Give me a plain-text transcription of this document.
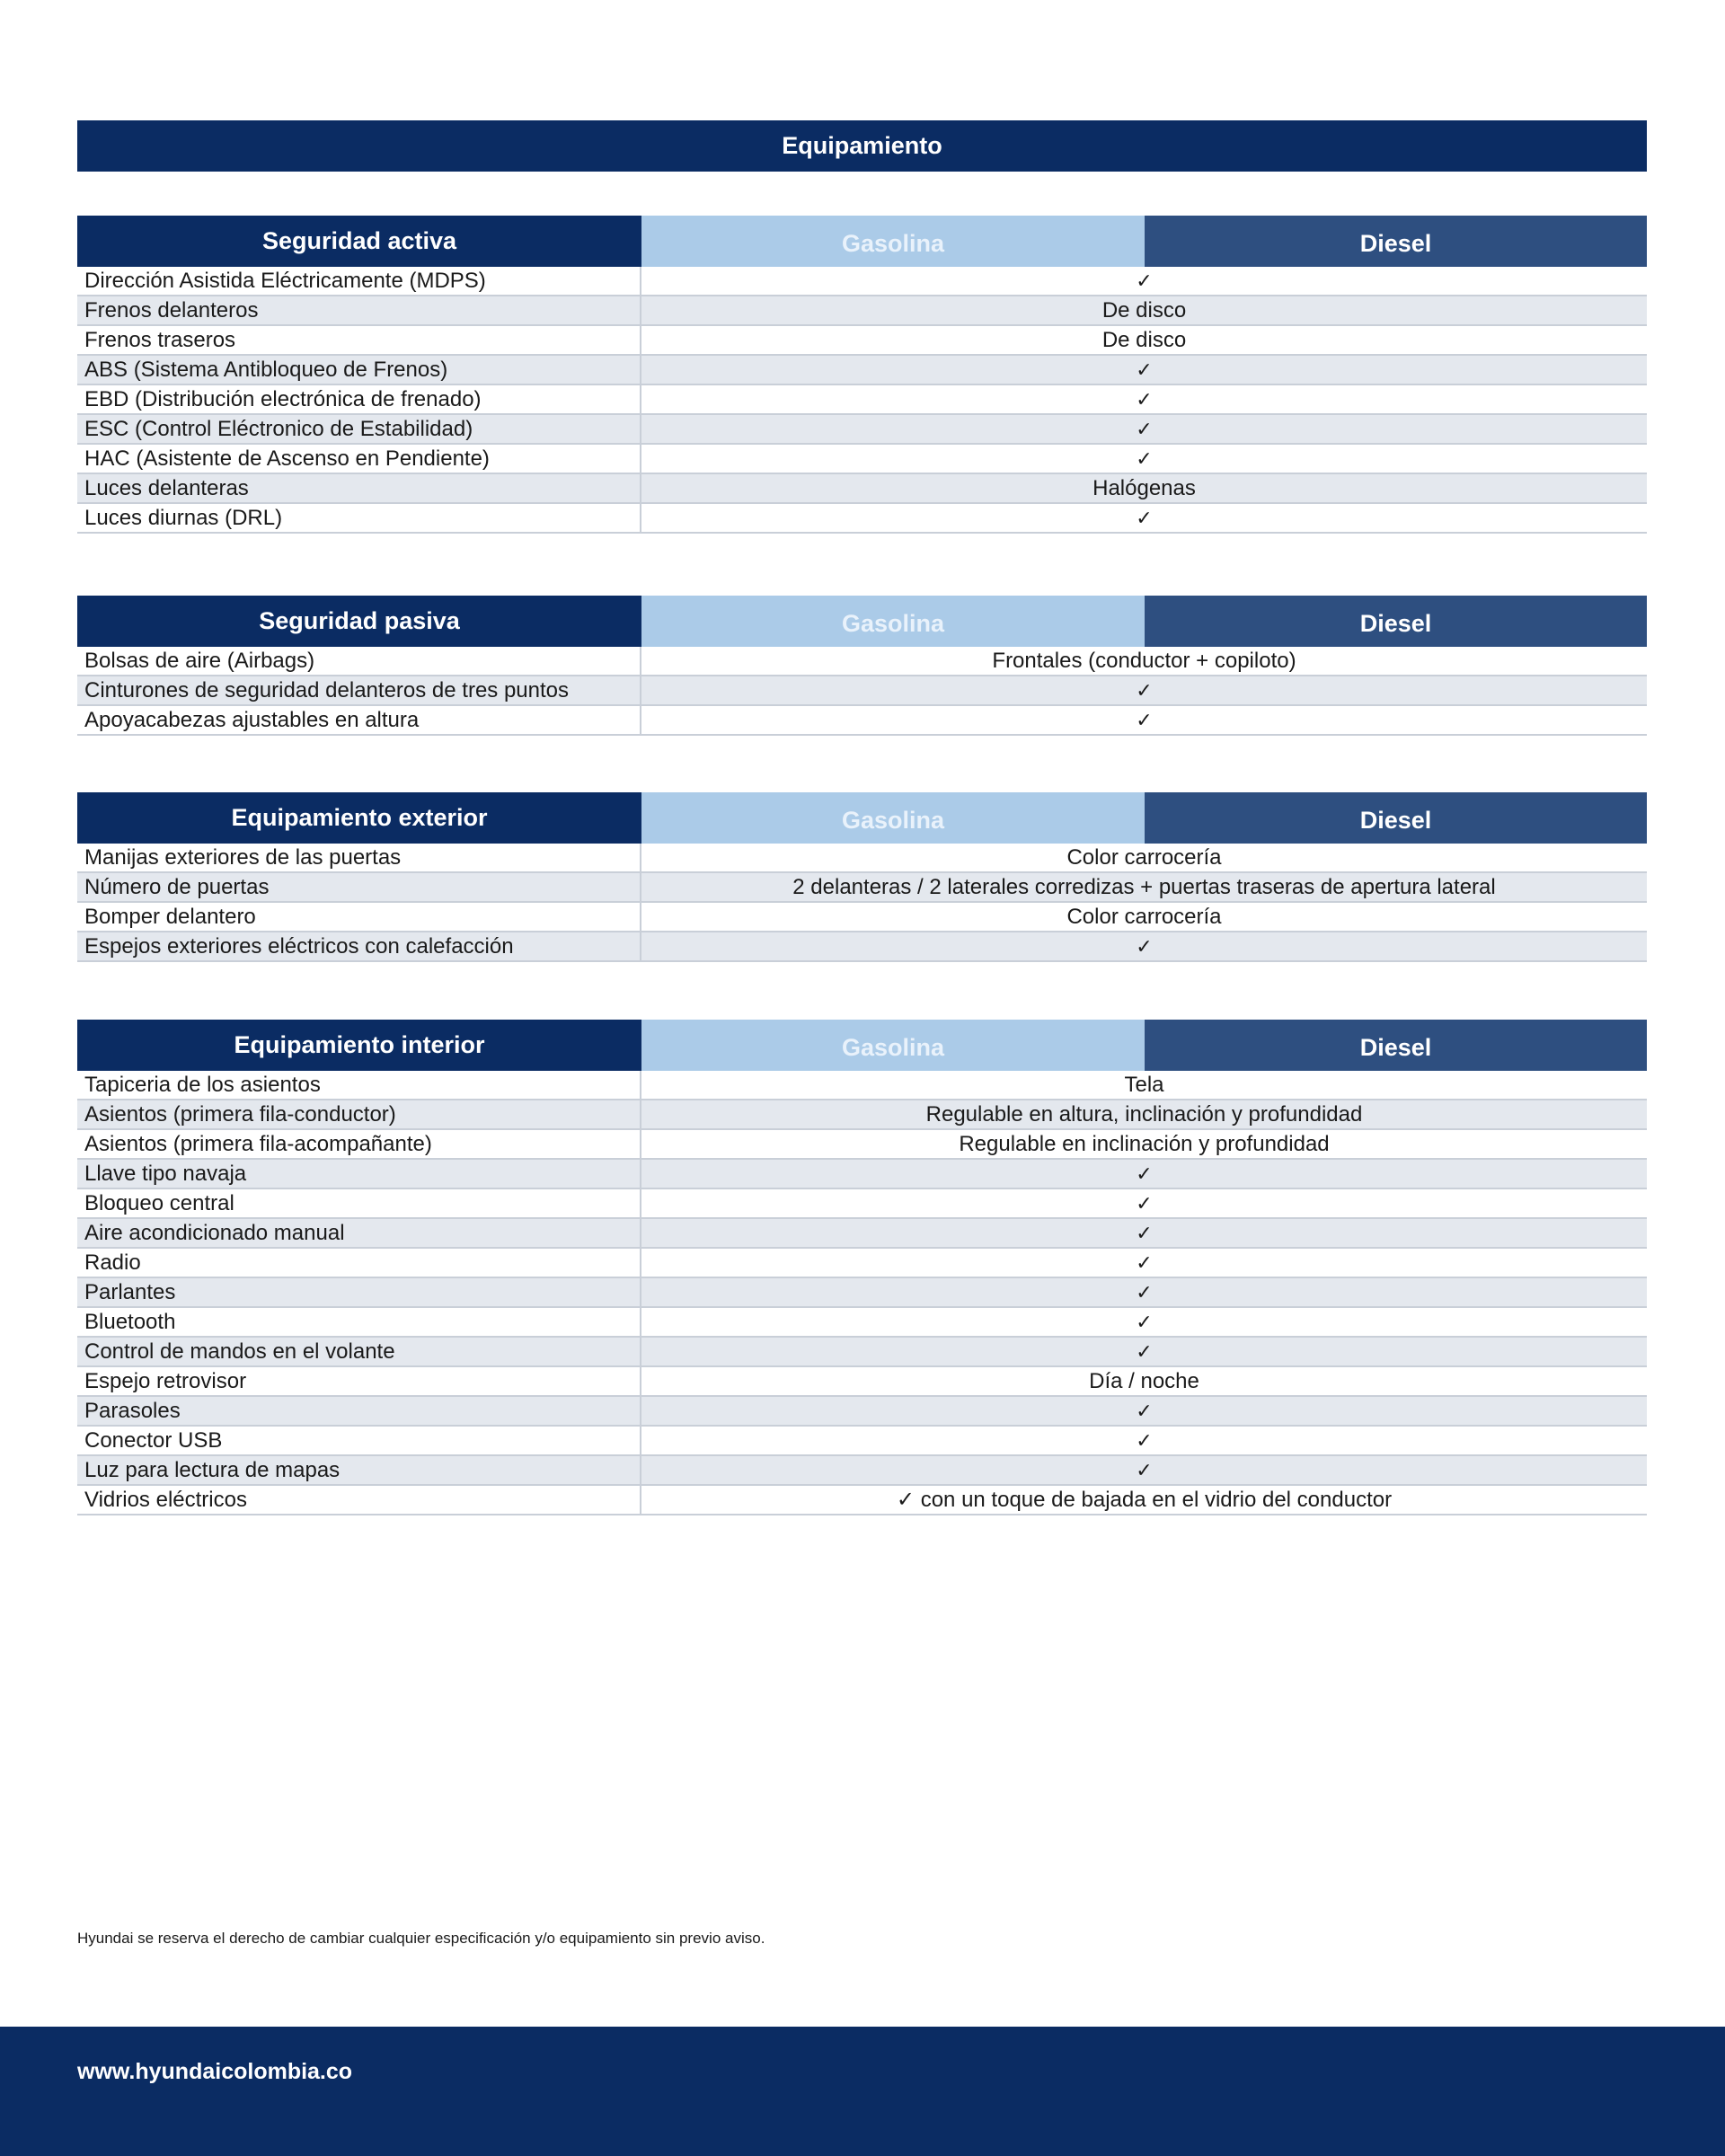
Equipamiento
Seguridad activa	Gasolina	Diesel
Dirección Asistida Eléctricamente (MDPS)	✓
Frenos delanteros	De disco
Frenos traseros	De disco
ABS (Sistema Antibloqueo de Frenos)	✓
EBD (Distribución electrónica de frenado)	✓
ESC (Control Eléctronico de Estabilidad)	✓
HAC (Asistente de Ascenso en Pendiente)	✓
Luces delanteras	Halógenas
Luces diurnas (DRL)	✓
Seguridad pasiva	Gasolina	Diesel
Bolsas de aire (Airbags)	Frontales (conductor + copiloto)
Cinturones de seguridad delanteros de tres puntos	✓
Apoyacabezas ajustables en altura	✓
Equipamiento exterior	Gasolina	Diesel
Manijas exteriores de las puertas	Color carrocería
Número de puertas	2 delanteras / 2 laterales corredizas + puertas traseras de apertura lateral
Bomper delantero	Color carrocería
Espejos exteriores eléctricos con calefacción	✓
Equipamiento interior	Gasolina	Diesel
Tapiceria de los asientos	Tela
Asientos (primera fila-conductor)	Regulable en altura, inclinación y profundidad
Asientos (primera fila-acompañante)	Regulable en inclinación y profundidad
Llave tipo navaja	✓
Bloqueo central	✓
Aire acondicionado manual	✓
Radio	✓
Parlantes	✓
Bluetooth	✓
Control de mandos en el volante	✓
Espejo retrovisor	Día / noche
Parasoles	✓
Conector USB	✓
Luz para lectura de mapas	✓
Vidrios eléctricos	✓ con un toque de bajada en el vidrio del conductor
Hyundai se reserva el derecho de cambiar cualquier especificación y/o equipamiento sin previo aviso.
www.hyundaicolombia.co
